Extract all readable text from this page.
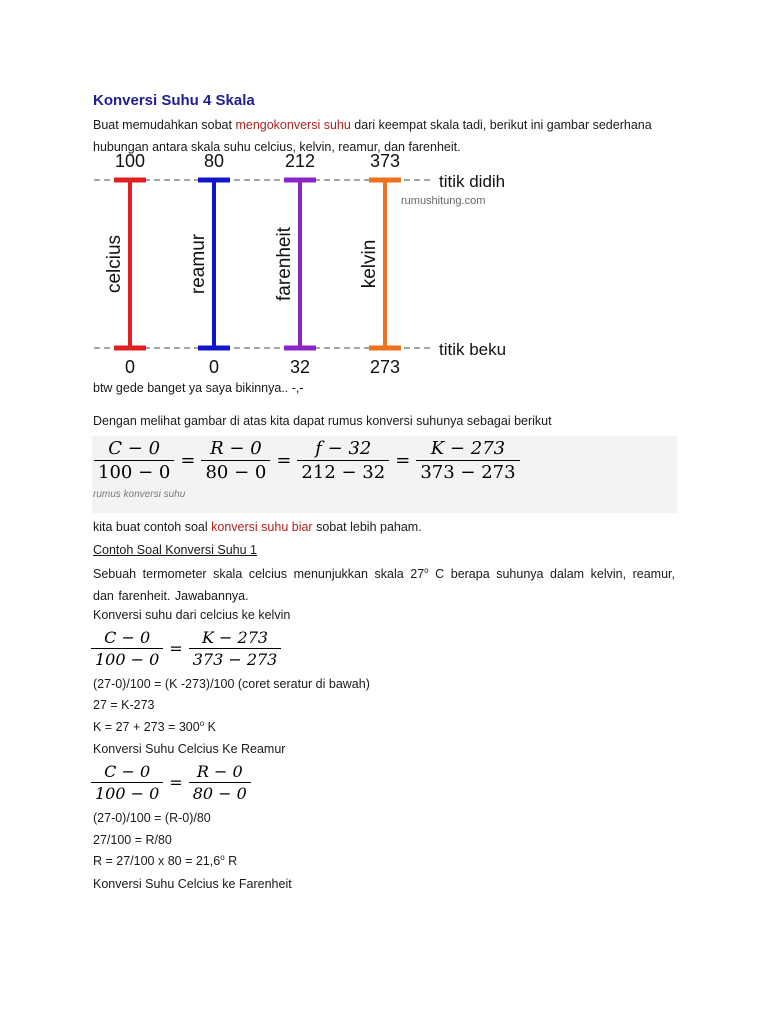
Konversi Suhu 4 Skala
Buat memudahkan sobat mengokonversi suhu dari keempat skala tadi, berikut ini gambar sederhana
hubungan antara skala suhu celcius, kelvin, reamur, dan farenheit.
100
0
celcius
80
0
reamur
212
32
farenheit
373
273
kelvin
titik didih
titik beku
rumushitung.com
btw gede banget ya saya bikinnya.. -,-
Dengan melihat gambar di atas kita dapat rumus konversi suhunya sebagai berikut
$\frac{C - 0}{100 - 0} = \frac{R - 0}{80 - 0} = \frac{f - 32}{212 - 32} = \frac{K - 273}{373 - 273}$
rumus konversi suhu
kita buat contoh soal konversi suhu biar sobat lebih paham.
Contoh Soal Konversi Suhu 1
Sebuah termometer skala celcius menunjukkan skala 27$^o$ C berapa suhunya dalam kelvin, reamur, dan farenheit. Jawabannya.
Konversi suhu dari celcius ke kelvin
$\frac{C - 0}{100 - 0} = \frac{K - 273}{373 - 273}$
(27-0)/100 = (K -273)/100 (coret seratur di bawah)
27 = K-273
$K = 27 + 273 = 300^o$ K
Konversi Suhu Celcius Ke Reamur
$\frac{C - 0}{100 - 0} = \frac{R - 0}{80 - 0}$
(27-0)/100 = (R-0)/80
27/100 = R/80
R = 27/100 x $80 = 21,6^o$ R
Konversi Suhu Celcius ke Farenheit
